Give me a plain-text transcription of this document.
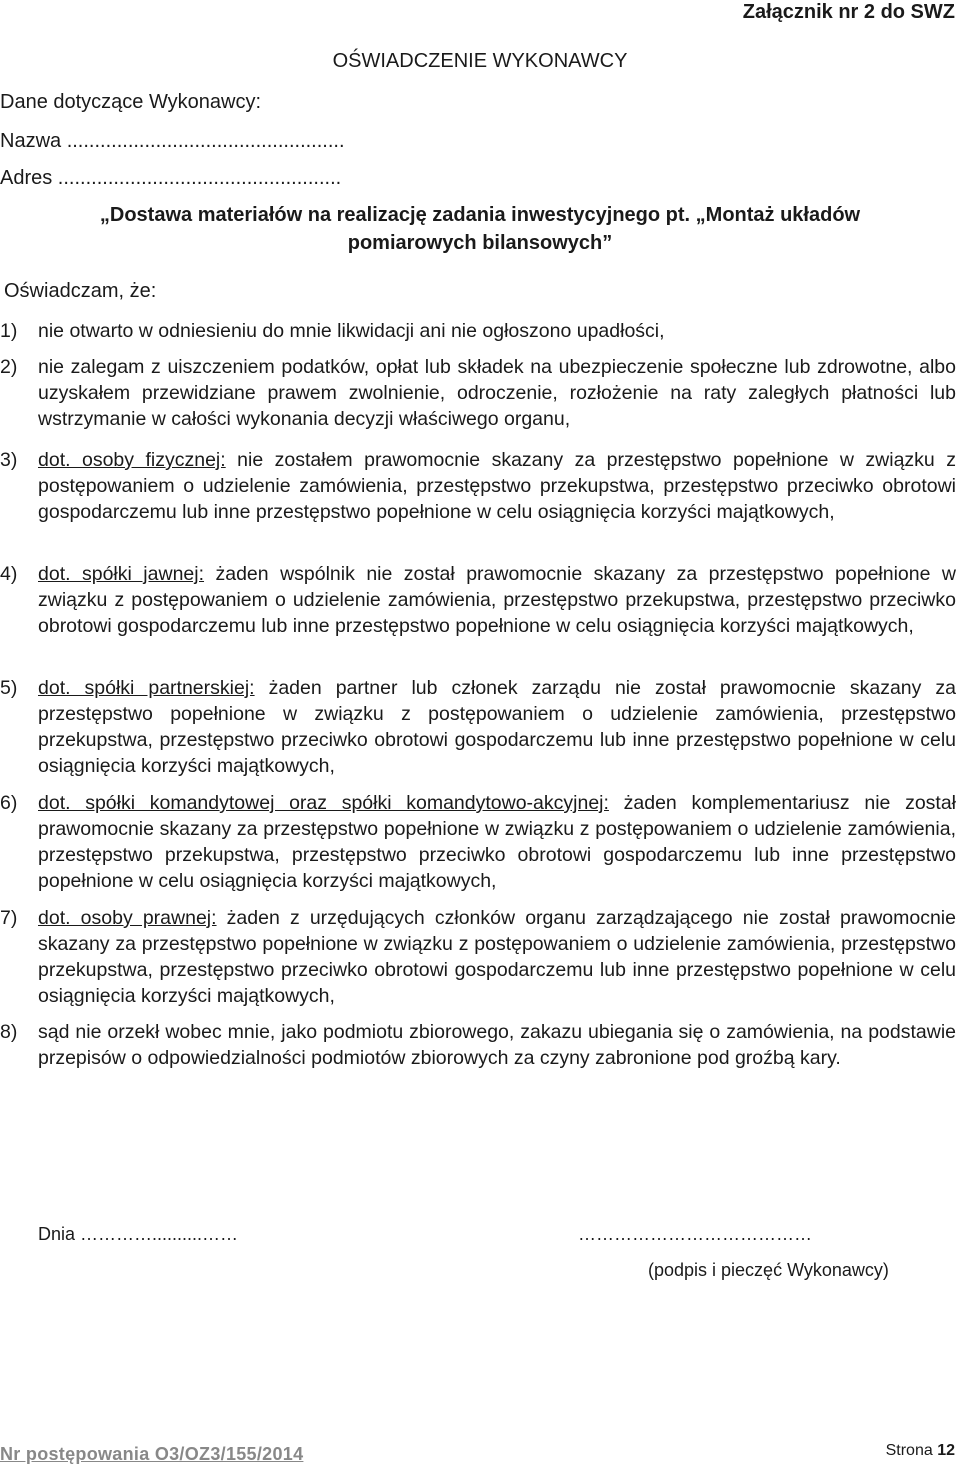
Załącznik nr 2 do SWZ
OŚWIADCZENIE WYKONAWCY
Dane dotyczące Wykonawcy:
Nazwa ..................................................
Adres ...................................................
„Dostawa materiałów na realizację zadania inwestycyjnego pt. „Montaż układów
pomiarowych bilansowych”
Oświadczam, że:
1) nie otwarto w odniesieniu do mnie likwidacji ani nie ogłoszono upadłości,
2) nie zalegam z uiszczeniem podatków, opłat lub składek na ubezpieczenie społeczne lub zdrowotne, albo uzyskałem przewidziane prawem zwolnienie, odroczenie, rozłożenie na raty zaległych płatności lub wstrzymanie w całości wykonania decyzji właściwego organu,
3) dot. osoby fizycznej: nie zostałem prawomocnie skazany za przestępstwo popełnione w związku z postępowaniem o udzielenie zamówienia, przestępstwo przekupstwa, przestępstwo przeciwko obrotowi gospodarczemu lub inne przestępstwo popełnione w celu osiągnięcia korzyści majątkowych,
4) dot. spółki jawnej: żaden wspólnik nie został prawomocnie skazany za przestępstwo popełnione w związku z postępowaniem o udzielenie zamówienia, przestępstwo przekupstwa, przestępstwo przeciwko obrotowi gospodarczemu lub inne przestępstwo popełnione w celu osiągnięcia korzyści majątkowych,
5) dot. spółki partnerskiej: żaden partner lub członek zarządu nie został prawomocnie skazany za przestępstwo popełnione w związku z postępowaniem o udzielenie zamówienia, przestępstwo przekupstwa, przestępstwo przeciwko obrotowi gospodarczemu lub inne przestępstwo popełnione w celu osiągnięcia korzyści majątkowych,
6) dot. spółki komandytowej oraz spółki komandytowo-akcyjnej: żaden komplementariusz nie został prawomocnie skazany za przestępstwo popełnione w związku z postępowaniem o udzielenie zamówienia, przestępstwo przekupstwa, przestępstwo przeciwko obrotowi gospodarczemu lub inne przestępstwo popełnione w celu osiągnięcia korzyści majątkowych,
7) dot. osoby prawnej: żaden z urzędujących członków organu zarządzającego nie został prawomocnie skazany za przestępstwo popełnione w związku z postępowaniem o udzielenie zamówienia, przestępstwo przekupstwa, przestępstwo przeciwko obrotowi gospodarczemu lub inne przestępstwo popełnione w celu osiągnięcia korzyści majątkowych,
8) sąd nie orzekł wobec mnie, jako podmiotu zbiorowego, zakazu ubiegania się o zamówienia, na podstawie przepisów o odpowiedzialności podmiotów zbiorowych za czyny zabronione pod groźbą kary.
Dnia …………..........……	…………………………………
(podpis i pieczęć Wykonawcy)
Nr postępowania O3/OZ3/155/2014	Strona 12
